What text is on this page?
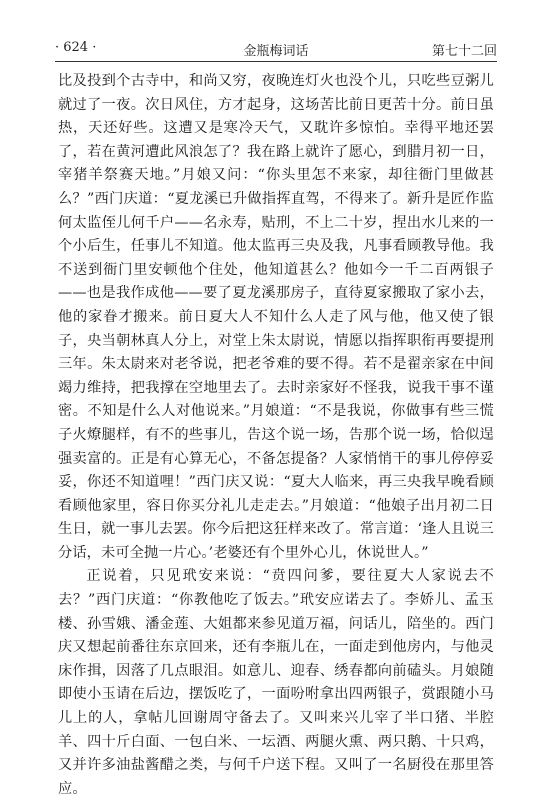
· 624 ·	金瓶梅词话	第七十二回

比及投到个古寺中，和尚又穷，夜晚连灯火也没个儿，只吃些豆粥儿就过了一夜。次日风住，方才起身，这场苦比前日更苦十分。前日虽热，天还好些。这遭又是寒冷天气，又耽许多惊怕。幸得平地还罢了，若在黄河遭此风浪怎了？我在路上就许了愿心，到腊月初一日，宰猪羊祭赛天地。”月娘又问：“你头里怎不来家，却往衙门里做甚么？”西门庆道：“夏龙溪已升做指挥直驾，不得来了。新升是匠作监何太监侄儿何千户——名永寿，贴刑，不上二十岁，捏出水儿来的一个小后生，任事儿不知道。他太监再三央及我，凡事看顾教导他。我不送到衙门里安顿他个住处，他知道甚么？他如今一千二百两银子——也是我作成他——要了夏龙溪那房子，直待夏家搬取了家小去，他的家眷才搬来。前日夏大人不知什么人走了风与他，他又使了银子，央当朝林真人分上，对堂上朱太尉说，情愿以指挥职衔再要提刑三年。朱太尉来对老爷说，把老爷难的要不得。若不是翟亲家在中间竭力维持，把我撑在空地里去了。去时亲家好不怪我，说我干事不谨密。不知是什么人对他说来。”月娘道：“不是我说，你做事有些三慌子火燎腿样，有不的些事儿，告这个说一场，告那个说一场，恰似逞强卖富的。正是有心算无心，不备怎提备？人家悄悄干的事儿停停妥妥，你还不知道哩！”西门庆又说：“夏大人临来，再三央我早晚看顾看顾他家里，容日你买分礼儿走走去。”月娘道：“他娘子出月初二日生日，就一事儿去罢。你今后把这狂样来改了。常言道：‘逢人且说三分话，未可全抛一片心。’老婆还有个里外心儿，休说世人。”

正说着，只见玳安来说：“贲四问爹，要往夏大人家说去不去？”西门庆道：“你教他吃了饭去。”玳安应诺去了。李娇儿、孟玉楼、孙雪娥、潘金莲、大姐都来参见道万福，问话儿，陪坐的。西门庆又想起前番往东京回来，还有李瓶儿在，一面走到他房内，与他灵床作揖，因落了几点眼泪。如意儿、迎春、绣春都向前磕头。月娘随即使小玉请在后边，摆饭吃了，一面吩咐拿出四两银子，赏跟随小马儿上的人，拿帖儿回谢周守备去了。又叫来兴儿宰了半口猪、半腔羊、四十斤白面、一包白米、一坛酒、两腿火熏、两只鹅、十只鸡，又并许多油盐酱醋之类，与何千户送下程。又叫了一名厨役在那里答应。
